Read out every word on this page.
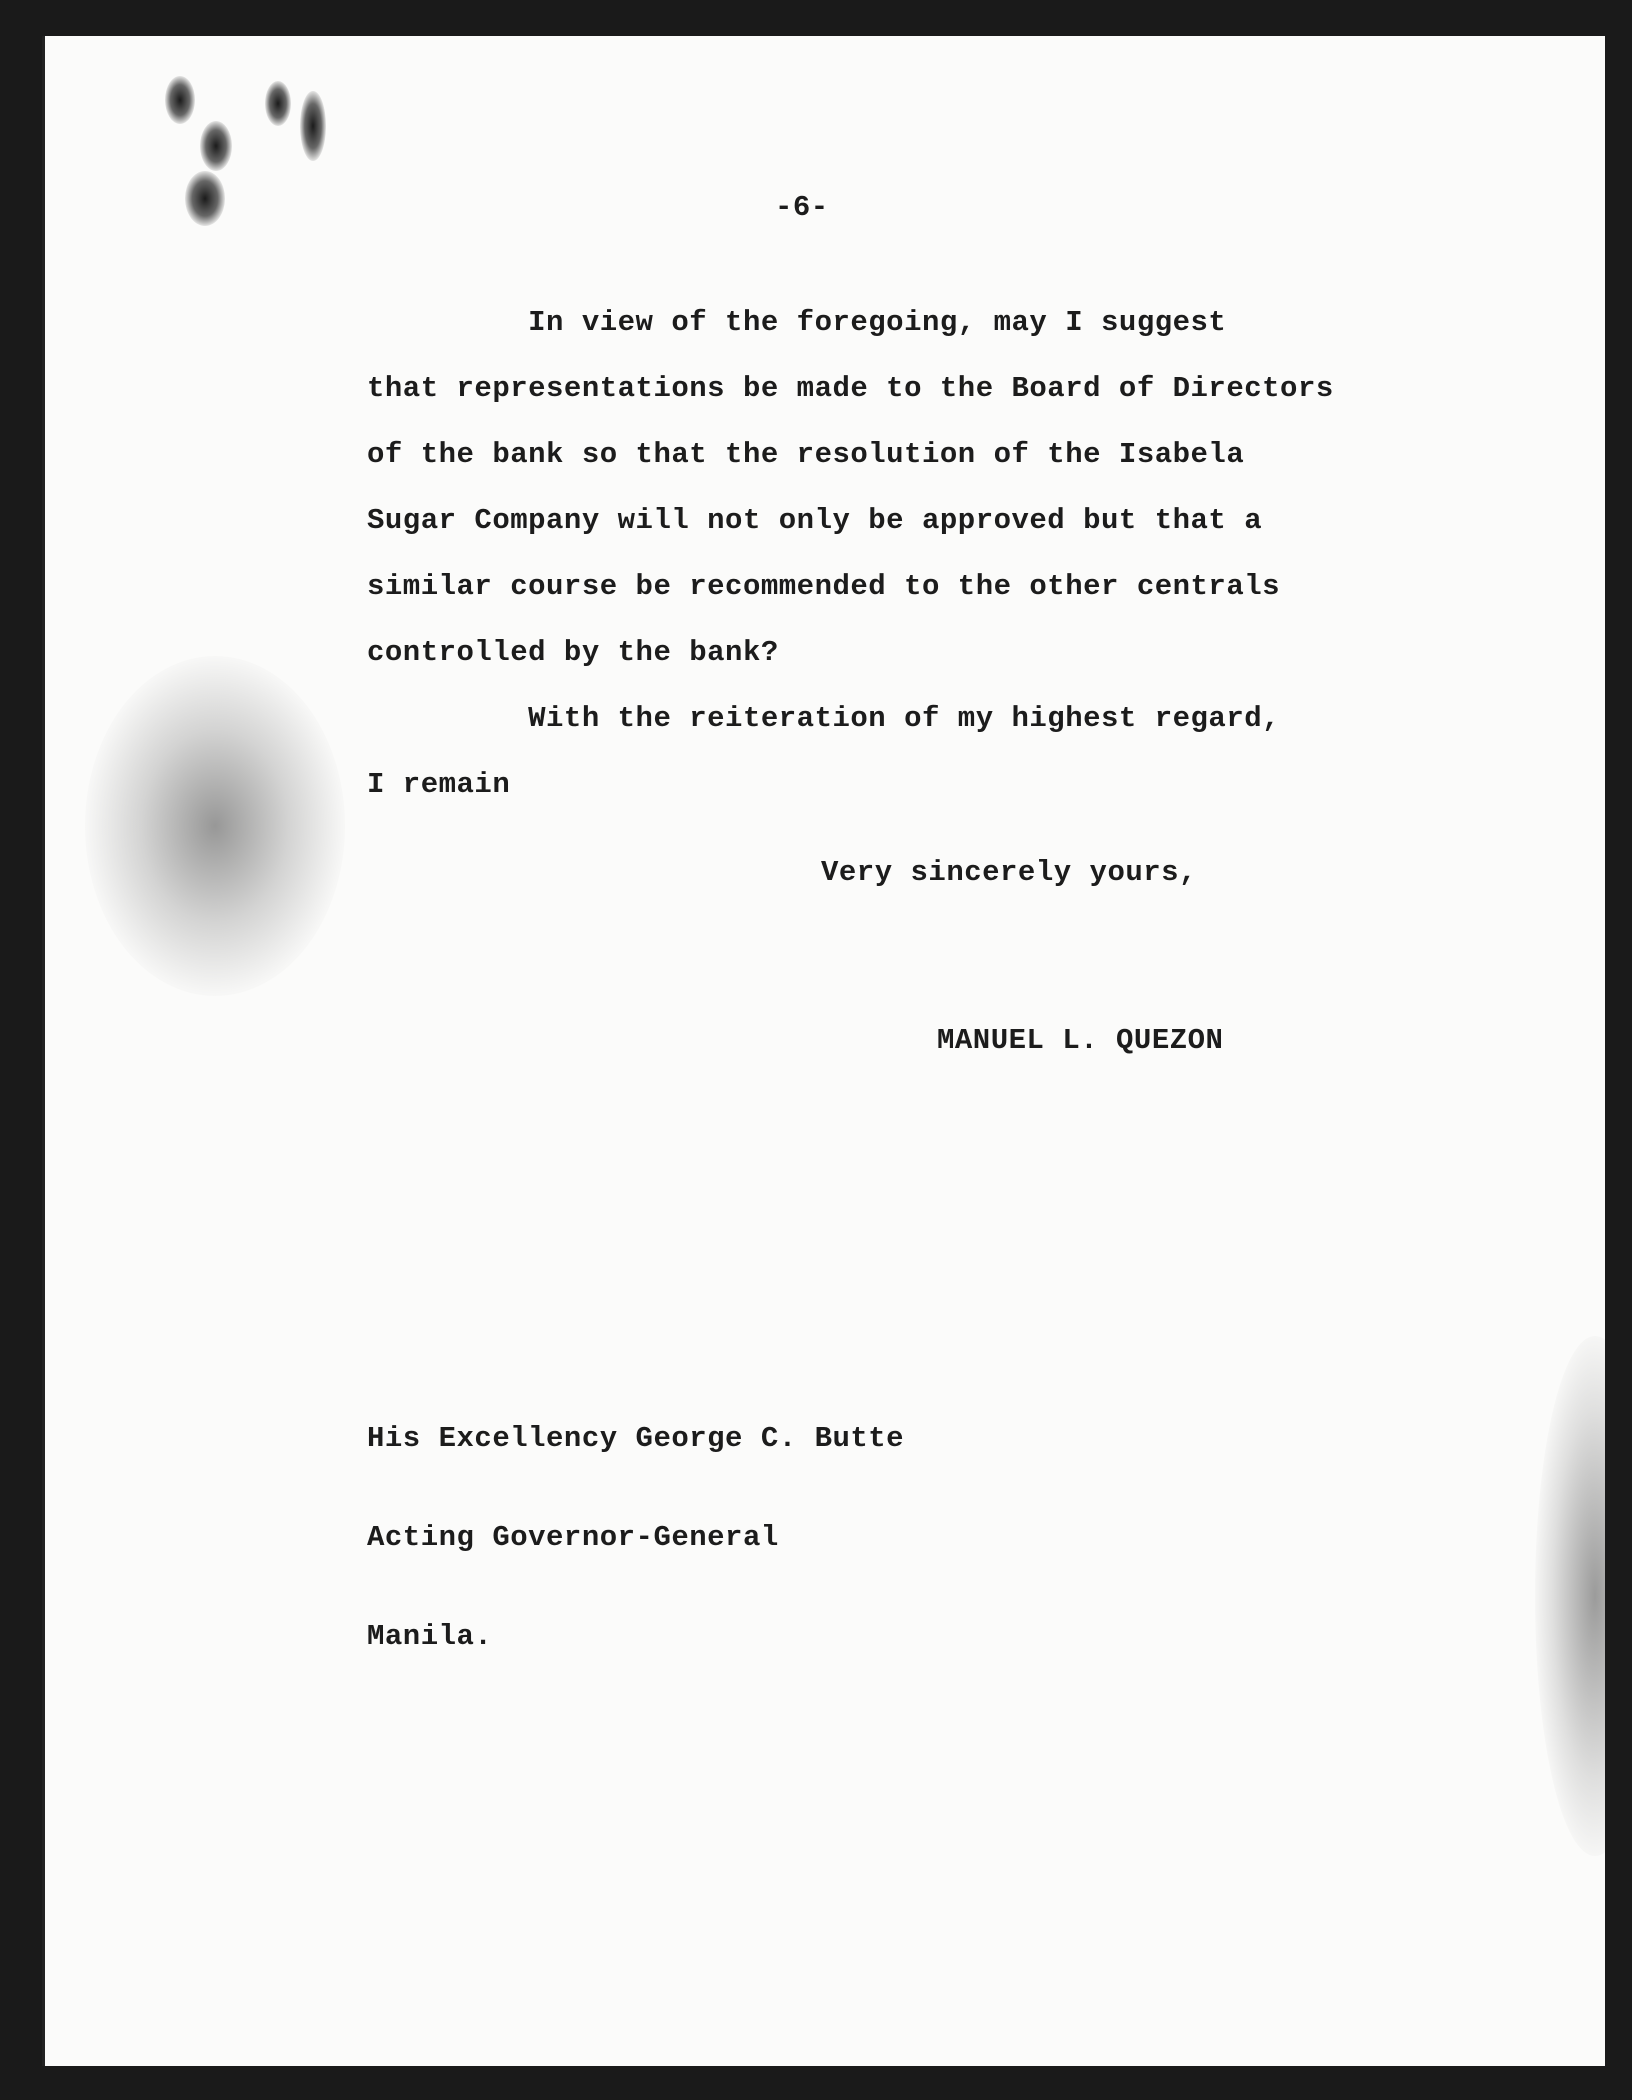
-6-

In view of the foregoing, may I suggest

that representations be made to the Board of Directors

of the bank so that the resolution of the Isabela

Sugar Company will not only be approved but that a

similar course be recommended to the other centrals

controlled by the bank?

With the reiteration of my highest regard,

I remain

Very sincerely yours,
MANUEL L. QUEZON

His Excellency George C. Butte

Acting Governor-General

Manila.
